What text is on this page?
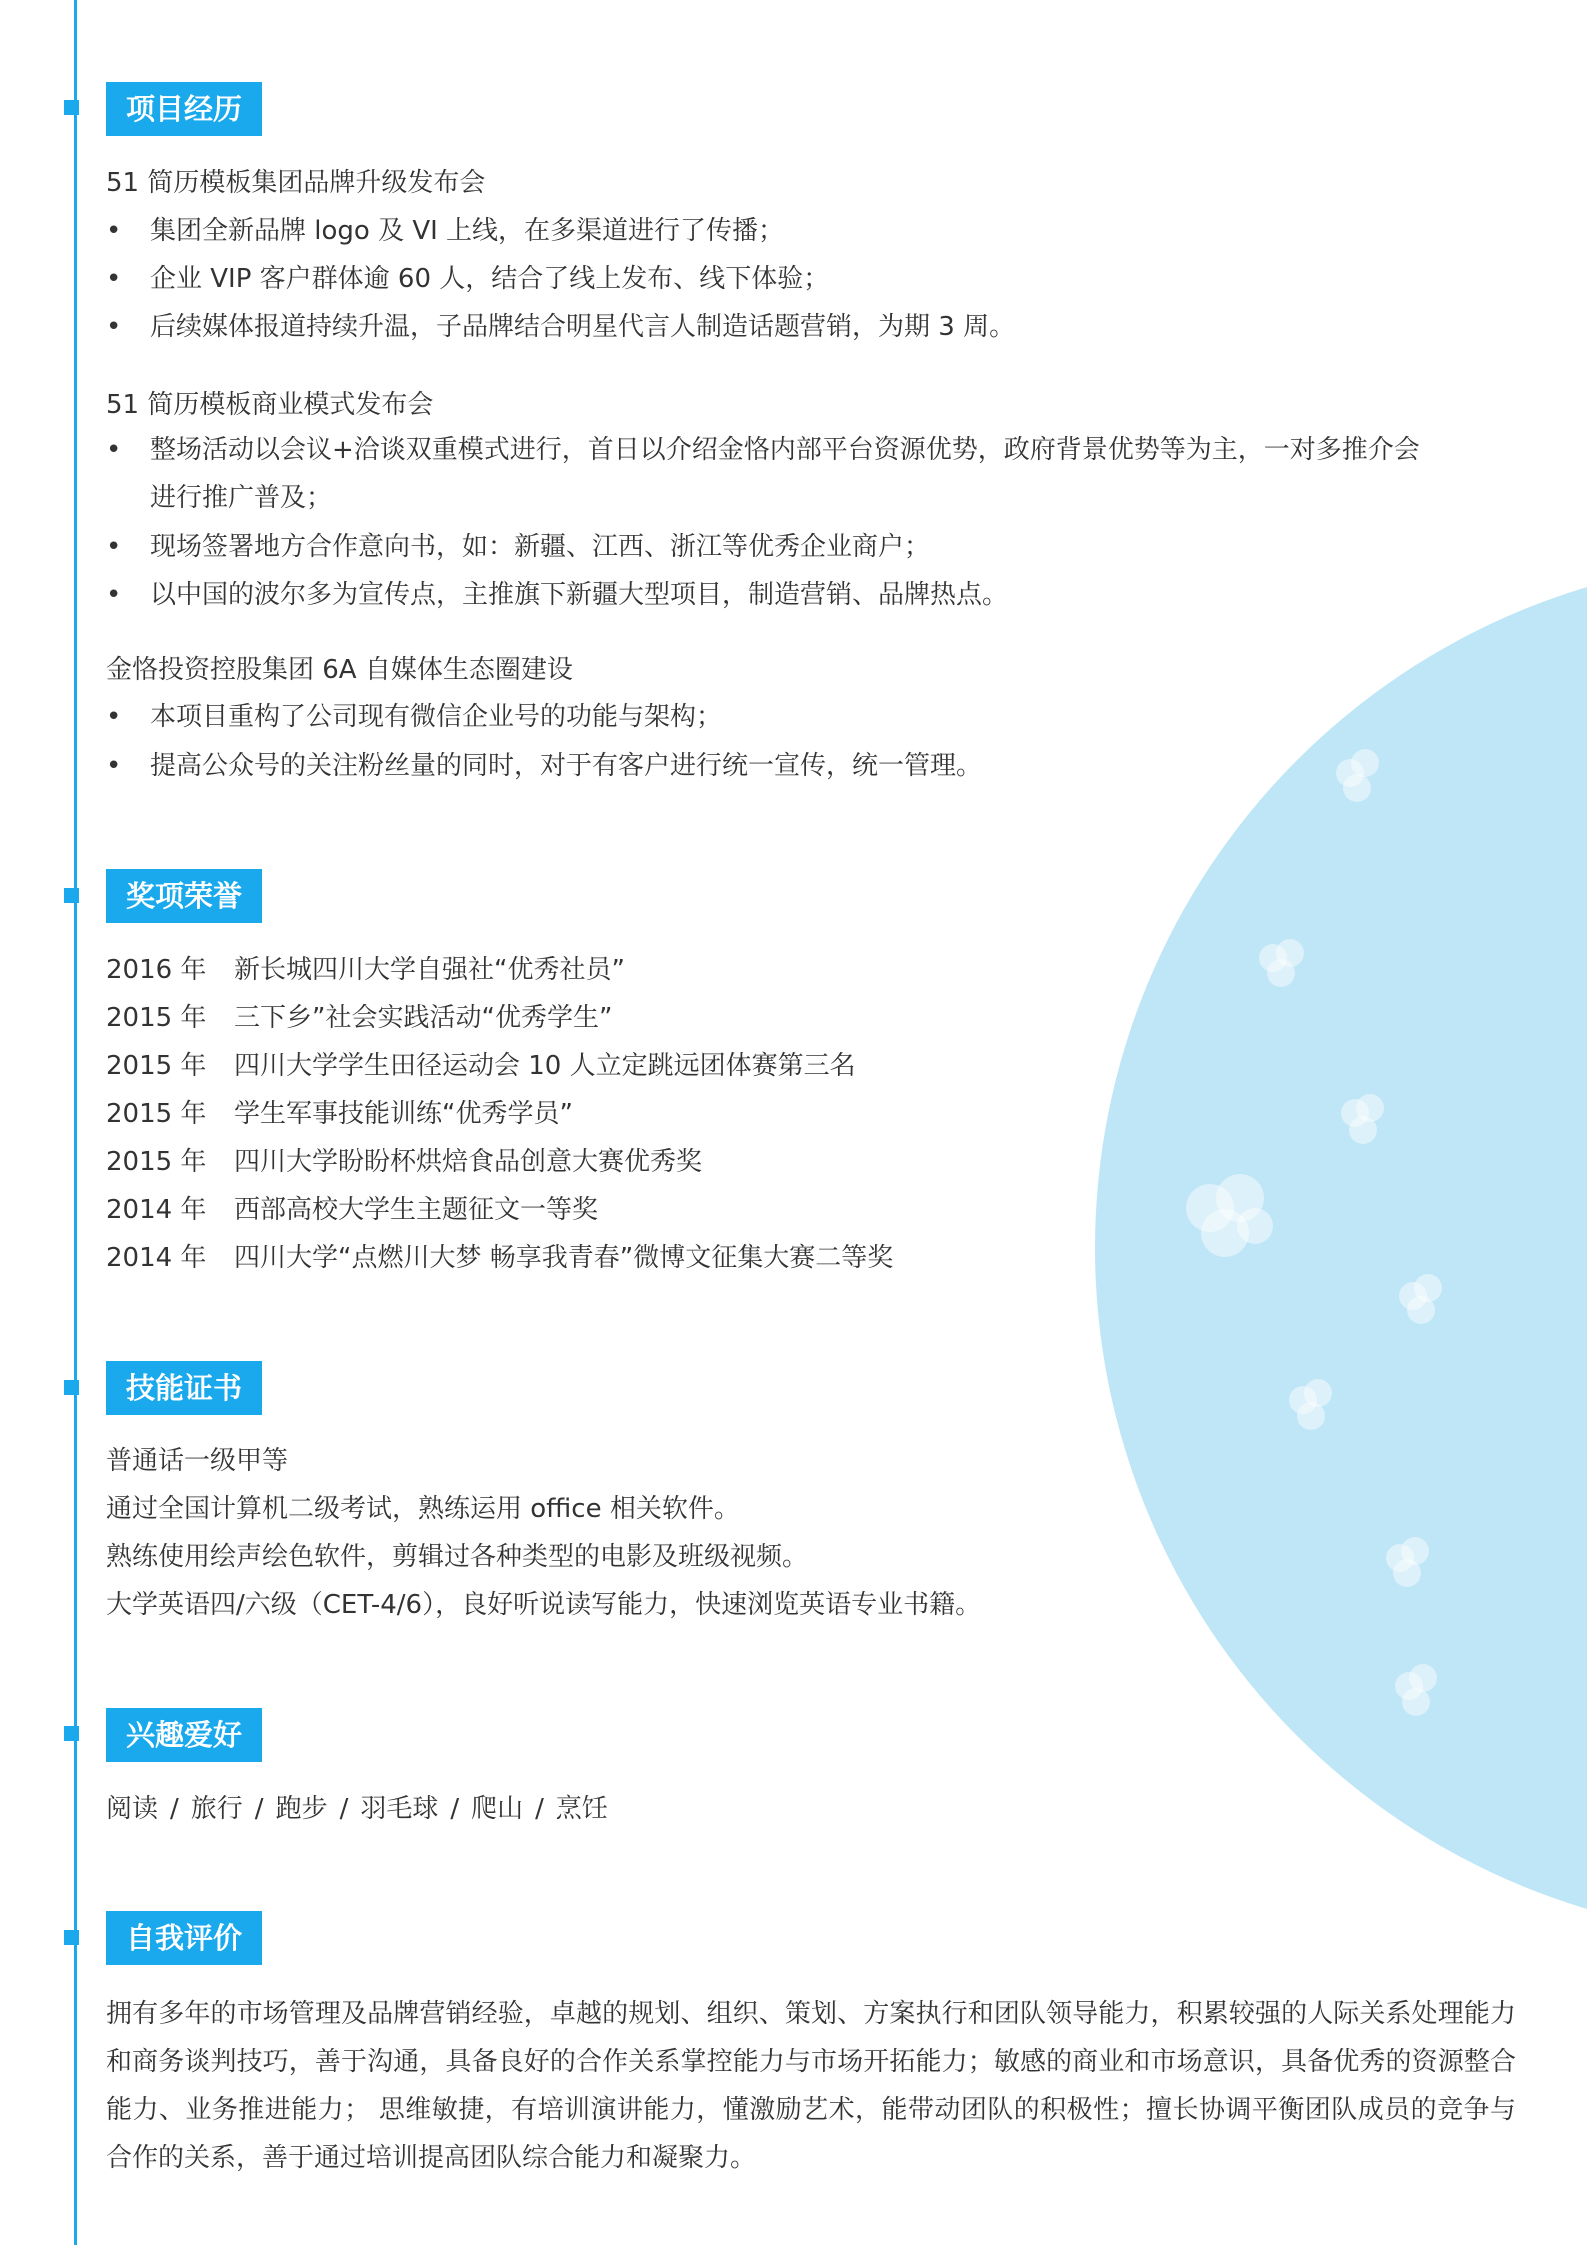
项目经历
51 简历模板集团品牌升级发布会
• 集团全新品牌 logo 及 VI 上线，在多渠道进行了传播；
• 企业 VIP 客户群体逾 60 人，结合了线上发布、线下体验；
• 后续媒体报道持续升温，子品牌结合明星代言人制造话题营销，为期 3 周。
51 简历模板商业模式发布会
• 整场活动以会议+洽谈双重模式进行，首日以介绍金恪内部平台资源优势，政府背景优势等为主，一对多推介会
进行推广普及；
• 现场签署地方合作意向书，如：新疆、江西、浙江等优秀企业商户；
• 以中国的波尔多为宣传点，主推旗下新疆大型项目，制造营销、品牌热点。
金恪投资控股集团 6A 自媒体生态圈建设
• 本项目重构了公司现有微信企业号的功能与架构；
• 提高公众号的关注粉丝量的同时，对于有客户进行统一宣传，统一管理。
奖项荣誉
2016 年 新长城四川大学自强社“优秀社员”
2015 年 三下乡”社会实践活动“优秀学生”
2015 年 四川大学学生田径运动会 10 人立定跳远团体赛第三名
2015 年 学生军事技能训练“优秀学员”
2015 年 四川大学盼盼杯烘焙食品创意大赛优秀奖
2014 年 西部高校大学生主题征文一等奖
2014 年 四川大学“点燃川大梦 畅享我青春”微博文征集大赛二等奖
技能证书
普通话一级甲等
通过全国计算机二级考试，熟练运用 office 相关软件。
熟练使用绘声绘色软件，剪辑过各种类型的电影及班级视频。
大学英语四/六级（CET-4/6），良好听说读写能力，快速浏览英语专业书籍。
兴趣爱好
阅读 / 旅行 / 跑步 / 羽毛球 / 爬山 / 烹饪
自我评价
拥有多年的市场管理及品牌营销经验，卓越的规划、组织、策划、方案执行和团队领导能力，积累较强的人际关系处理能力和商务谈判技巧，善于沟通，具备良好的合作关系掌控能力与市场开拓能力；敏感的商业和市场意识，具备优秀的资源整合能力、业务推进能力； 思维敏捷，有培训演讲能力，懂激励艺术，能带动团队的积极性；擅长协调平衡团队成员的竞争与合作的关系，善于通过培训提高团队综合能力和凝聚力。
